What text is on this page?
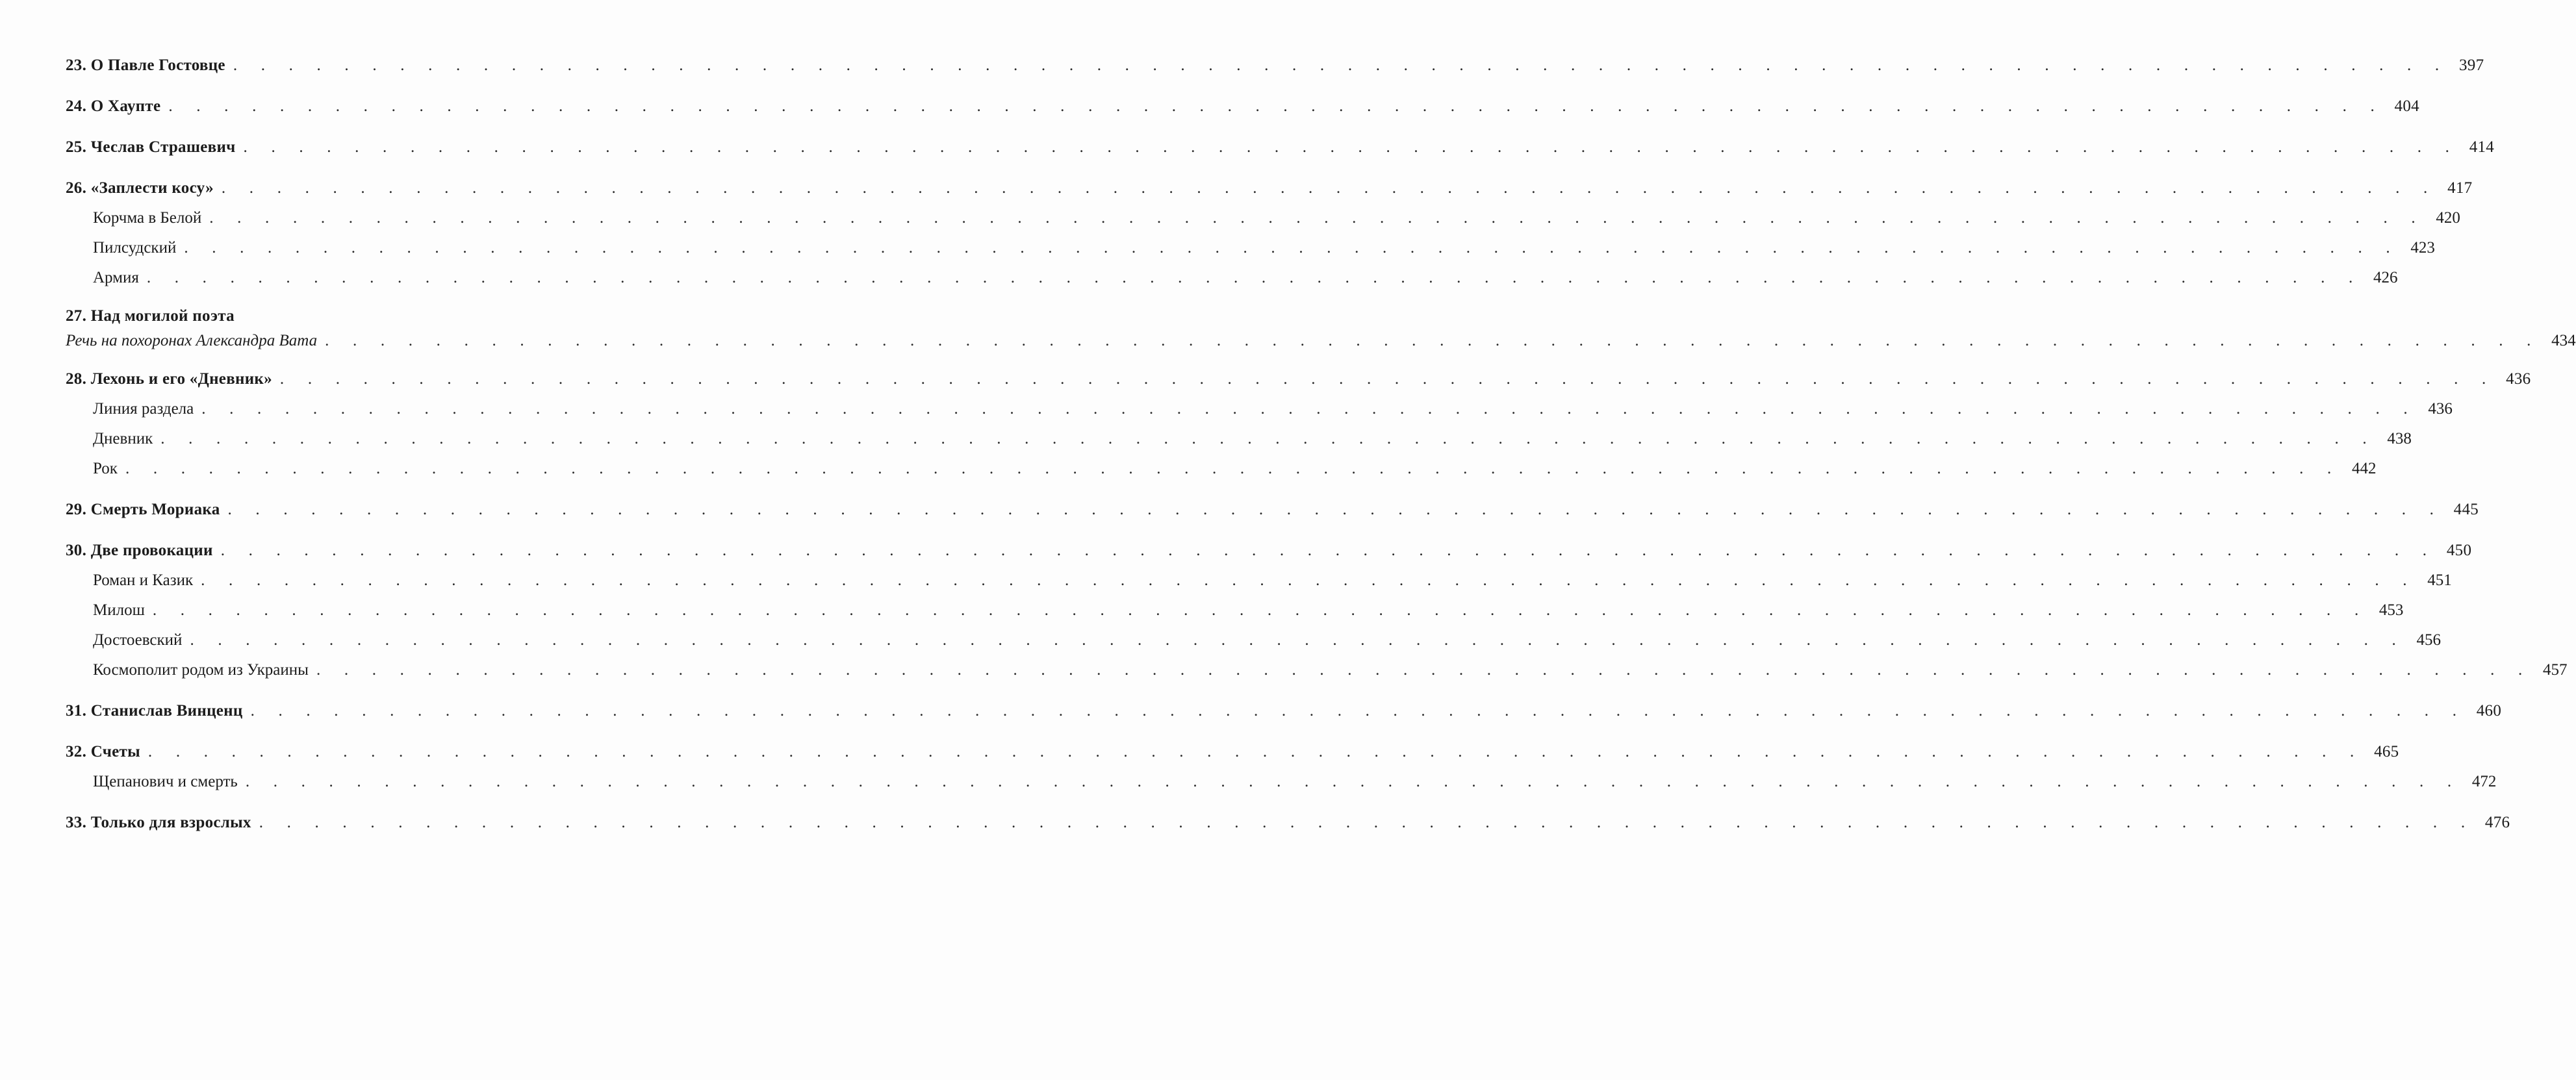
23. О Павле Гостовце . . . . . . . . . . . . . . . . . . . . . . . . . . . . . . . . . . . . . . . . . . . . . . . . . . . . . . . . . . . . . . . . . . . . . . . . . . . . . . . . 397
24. О Хаупте . . . . . . . . . . . . . . . . . . . . . . . . . . . . . . . . . . . . . . . . . . . . . . . . . . . . . . . . . . . . . . . . . . . . . . . . . . . . . . . . 404
25. Чеслав Страшевич . . . . . . . . . . . . . . . . . . . . . . . . . . . . . . . . . . . . . . . . . . . . . . . . . . . . . . . . . . . . . . . . . . . . . . . . . . . . . . . . 414
26. «Заплести косу» . . . . . . . . . . . . . . . . . . . . . . . . . . . . . . . . . . . . . . . . . . . . . . . . . . . . . . . . . . . . . . . . . . . . . . . . . . . . . . . . 417
Корчма в Белой . . . . . . . . . . . . . . . . . . . . . . . . . . . . . . . . . . . . . . . . . . . . . . . . . . . . . . . . . . . . . . . . . . . . . . . . . . . . . . . . 420
Пилсудский . . . . . . . . . . . . . . . . . . . . . . . . . . . . . . . . . . . . . . . . . . . . . . . . . . . . . . . . . . . . . . . . . . . . . . . . . . . . . . . . 423
Армия . . . . . . . . . . . . . . . . . . . . . . . . . . . . . . . . . . . . . . . . . . . . . . . . . . . . . . . . . . . . . . . . . . . . . . . . . . . . . . . . 426
27. Над могилой поэта
Речь на похоронах Александра Вата . . . . . . . . . . . . . . . . . . . . . . . . . . . . . . . . . . . . . . . . . . . . . . . . . . . . . . . . . . . . . . . . . . . . . . . . . . . . . . . . 434
28. Лехонь и его «Дневник» . . . . . . . . . . . . . . . . . . . . . . . . . . . . . . . . . . . . . . . . . . . . . . . . . . . . . . . . . . . . . . . . . . . . . . . . . . . . . . . . 436
Линия раздела . . . . . . . . . . . . . . . . . . . . . . . . . . . . . . . . . . . . . . . . . . . . . . . . . . . . . . . . . . . . . . . . . . . . . . . . . . . . . . . . 436
Дневник . . . . . . . . . . . . . . . . . . . . . . . . . . . . . . . . . . . . . . . . . . . . . . . . . . . . . . . . . . . . . . . . . . . . . . . . . . . . . . . . 438
Рок . . . . . . . . . . . . . . . . . . . . . . . . . . . . . . . . . . . . . . . . . . . . . . . . . . . . . . . . . . . . . . . . . . . . . . . . . . . . . . . . 442
29. Смерть Мориака . . . . . . . . . . . . . . . . . . . . . . . . . . . . . . . . . . . . . . . . . . . . . . . . . . . . . . . . . . . . . . . . . . . . . . . . . . . . . . . . 445
30. Две провокации . . . . . . . . . . . . . . . . . . . . . . . . . . . . . . . . . . . . . . . . . . . . . . . . . . . . . . . . . . . . . . . . . . . . . . . . . . . . . . . . 450
Роман и Казик . . . . . . . . . . . . . . . . . . . . . . . . . . . . . . . . . . . . . . . . . . . . . . . . . . . . . . . . . . . . . . . . . . . . . . . . . . . . . . . . 451
Милош . . . . . . . . . . . . . . . . . . . . . . . . . . . . . . . . . . . . . . . . . . . . . . . . . . . . . . . . . . . . . . . . . . . . . . . . . . . . . . . . 453
Достоевский . . . . . . . . . . . . . . . . . . . . . . . . . . . . . . . . . . . . . . . . . . . . . . . . . . . . . . . . . . . . . . . . . . . . . . . . . . . . . . . . 456
Космополит родом из Украины . . . . . . . . . . . . . . . . . . . . . . . . . . . . . . . . . . . . . . . . . . . . . . . . . . . . . . . . . . . . . . . . . . . . . . . . . . . . . . . . 457
31. Станислав Винценц . . . . . . . . . . . . . . . . . . . . . . . . . . . . . . . . . . . . . . . . . . . . . . . . . . . . . . . . . . . . . . . . . . . . . . . . . . . . . . . . 460
32. Счеты . . . . . . . . . . . . . . . . . . . . . . . . . . . . . . . . . . . . . . . . . . . . . . . . . . . . . . . . . . . . . . . . . . . . . . . . . . . . . . . . 465
Щепанович и смерть . . . . . . . . . . . . . . . . . . . . . . . . . . . . . . . . . . . . . . . . . . . . . . . . . . . . . . . . . . . . . . . . . . . . . . . . . . . . . . . . 472
33. Только для взрослых . . . . . . . . . . . . . . . . . . . . . . . . . . . . . . . . . . . . . . . . . . . . . . . . . . . . . . . . . . . . . . . . . . . . . . . . . . . . . . . . 476
